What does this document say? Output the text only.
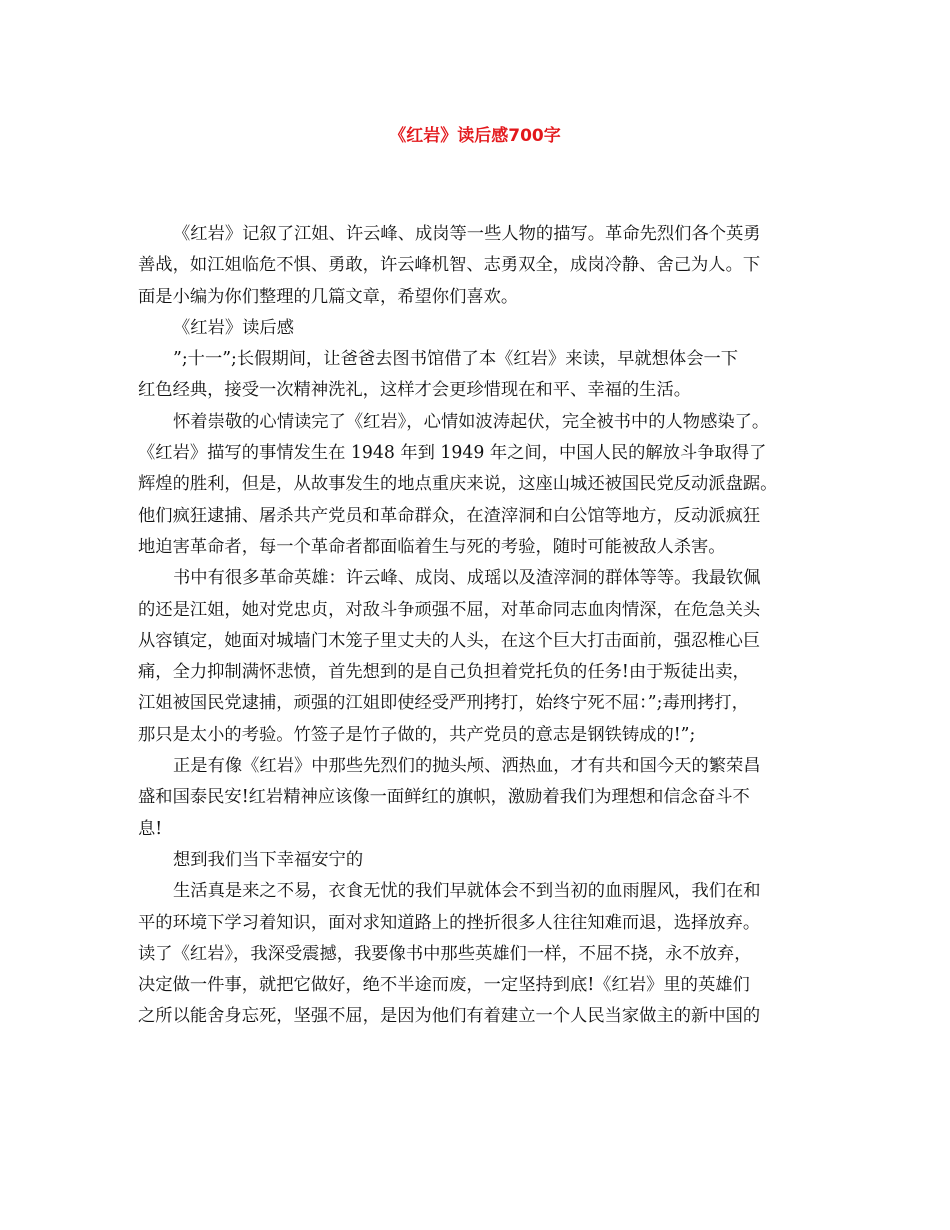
《红岩》读后感700字
《红岩》记叙了江姐、许云峰、成岗等一些人物的描写。革命先烈们各个英勇
善战，如江姐临危不惧、勇敢，许云峰机智、志勇双全，成岗冷静、舍己为人。下
面是小编为你们整理的几篇文章，希望你们喜欢。
《红岩》读后感
”;十一”;长假期间，让爸爸去图书馆借了本《红岩》来读，早就想体会一下
红色经典，接受一次精神洗礼，这样才会更珍惜现在和平、幸福的生活。
怀着崇敬的心情读完了《红岩》，心情如波涛起伏，完全被书中的人物感染了。
《红岩》描写的事情发生在 1948 年到 1949 年之间，中国人民的解放斗争取得了
辉煌的胜利，但是，从故事发生的地点重庆来说，这座山城还被国民党反动派盘踞。
他们疯狂逮捕、屠杀共产党员和革命群众，在渣滓洞和白公馆等地方，反动派疯狂
地迫害革命者，每一个革命者都面临着生与死的考验，随时可能被敌人杀害。
书中有很多革命英雄：许云峰、成岗、成瑶以及渣滓洞的群体等等。我最钦佩
的还是江姐，她对党忠贞，对敌斗争顽强不屈，对革命同志血肉情深，在危急关头
从容镇定，她面对城墙门木笼子里丈夫的人头，在这个巨大打击面前，强忍椎心巨
痛，全力抑制满怀悲愤，首先想到的是自己负担着党托负的任务!由于叛徒出卖，
江姐被国民党逮捕，顽强的江姐即使经受严刑拷打，始终宁死不屈：”;毒刑拷打，
那只是太小的考验。竹签子是竹子做的，共产党员的意志是钢铁铸成的!”;
正是有像《红岩》中那些先烈们的抛头颅、洒热血，才有共和国今天的繁荣昌
盛和国泰民安!红岩精神应该像一面鲜红的旗帜，激励着我们为理想和信念奋斗不
息!
想到我们当下幸福安宁的
生活真是来之不易，衣食无忧的我们早就体会不到当初的血雨腥风，我们在和
平的环境下学习着知识，面对求知道路上的挫折很多人往往知难而退，选择放弃。
读了《红岩》，我深受震撼，我要像书中那些英雄们一样，不屈不挠，永不放弃，
决定做一件事，就把它做好，绝不半途而废，一定坚持到底!《红岩》里的英雄们
之所以能舍身忘死，坚强不屈，是因为他们有着建立一个人民当家做主的新中国的
